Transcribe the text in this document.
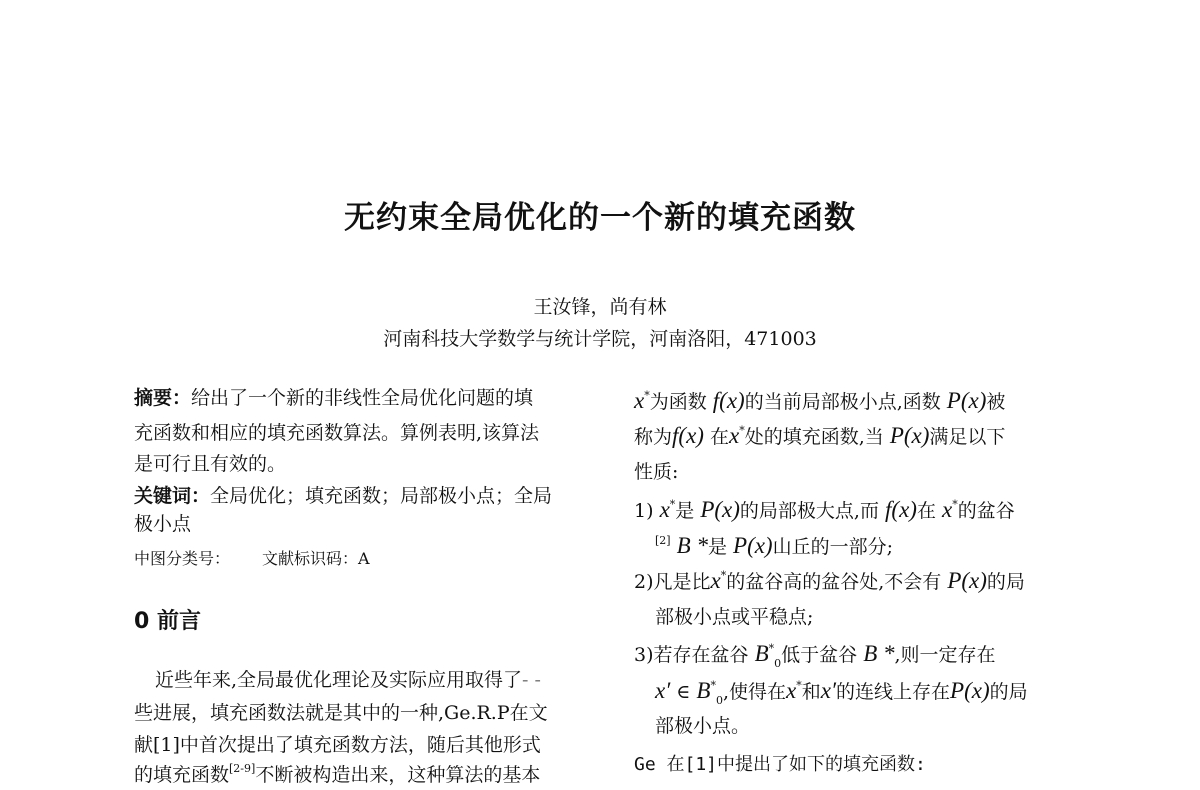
无约束全局优化的一个新的填充函数
王汝锋，尚有林
河南科技大学数学与统计学院，河南洛阳，471003
摘要：给出了一个新的非线性全局优化问题的填
充函数和相应的填充函数算法。算例表明,该算法
是可行且有效的。
关键词：全局优化；填充函数；局部极小点；全局
极小点
中图分类号： 文献标识码：A
0 前言
近些年来,全局最优化理论及实际应用取得了- -
些进展，填充函数法就是其中的一种,Ge.R.P在文
献[1]中首次提出了填充函数方法，随后其他形式
的填充函数[2-9]不断被构造出来，这种算法的基本
x*为函数 f(x)的当前局部极小点,函数 P(x)被
称为f(x) 在x*处的填充函数,当 P(x)满足以下
性质:
1) x*是 P(x)的局部极大点,而 f(x)在 x*的盆谷
[2] B *是 P(x)山丘的一部分;
2)凡是比x*的盆谷高的盆谷处,不会有 P(x)的局
部极小点或平稳点;
3)若存在盆谷 $B^*_0$低于盆谷 B *,则一定存在
x′ ∈ $B^*_0$,使得在x*和x′的连线上存在P(x)的局
部极小点。
Ge 在[1]中提出了如下的填充函数:
